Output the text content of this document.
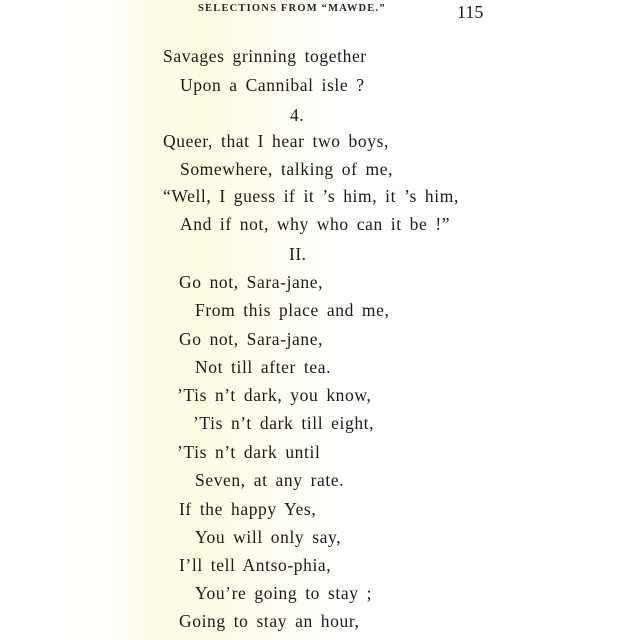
SELECTIONS FROM “MAWDE.”	115
Savages grinning together
Upon a Cannibal isle ?
4.
Queer, that I hear two boys,
Somewhere, talking of me,
“Well, I guess if it ’s him, it ’s him,
And if not, why who can it be !”
II.
Go not, Sara-jane,
From this place and me,
Go not, Sara-jane,
Not till after tea.
’Tis n’t dark, you know,
’Tis n’t dark till eight,
’Tis n’t dark until
Seven, at any rate.
If the happy Yes,
You will only say,
I’ll tell Antso-phia,
You’re going to stay ;
Going to stay an hour,
